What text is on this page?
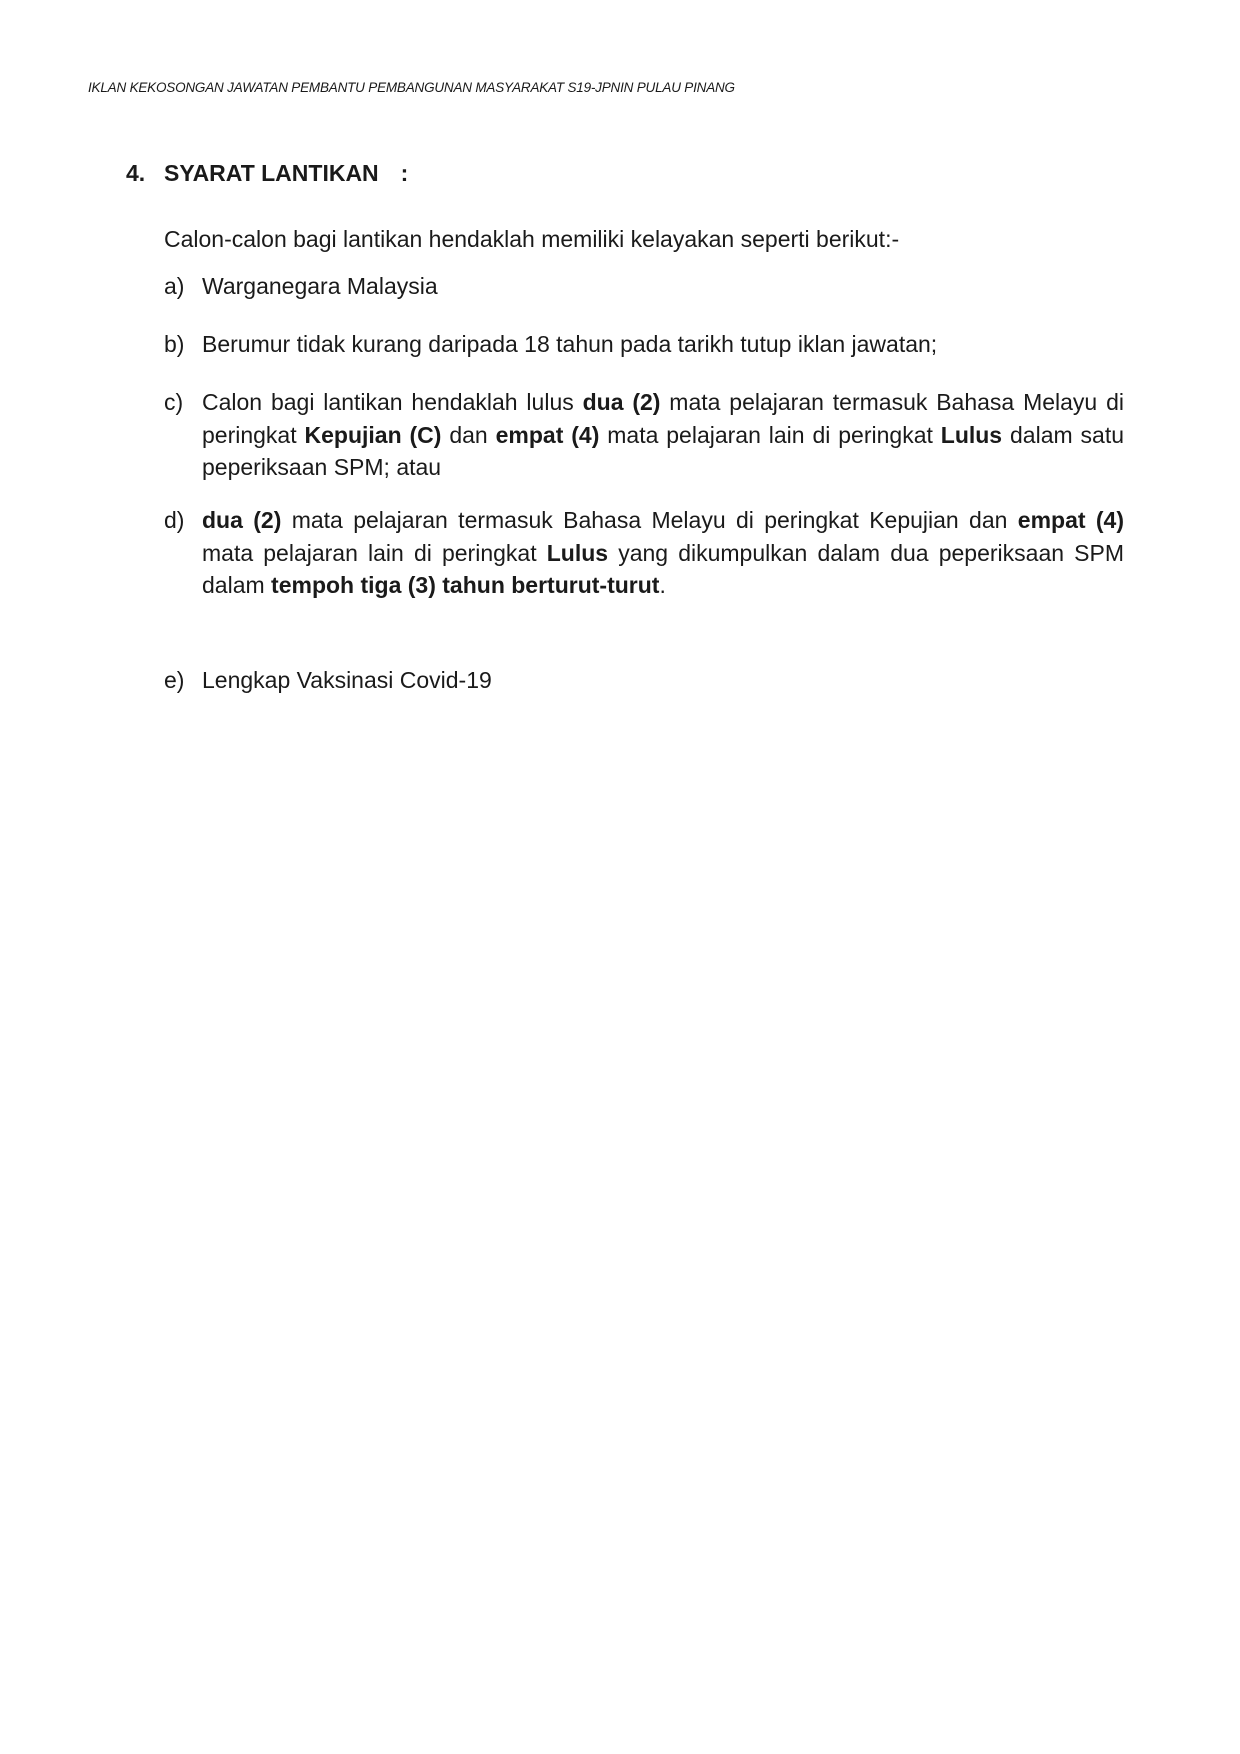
IKLAN KEKOSONGAN JAWATAN PEMBANTU PEMBANGUNAN MASYARAKAT S19-JPNIN PULAU PINANG
4. SYARAT LANTIKAN :
Calon-calon bagi lantikan hendaklah memiliki kelayakan seperti berikut:-
a) Warganegara Malaysia
b) Berumur tidak kurang daripada 18 tahun pada tarikh tutup iklan jawatan;
c) Calon bagi lantikan hendaklah lulus dua (2) mata pelajaran termasuk Bahasa Melayu di peringkat Kepujian (C) dan empat (4) mata pelajaran lain di peringkat Lulus dalam satu peperiksaan SPM; atau
d) dua (2) mata pelajaran termasuk Bahasa Melayu di peringkat Kepujian dan empat (4) mata pelajaran lain di peringkat Lulus yang dikumpulkan dalam dua peperiksaan SPM dalam tempoh tiga (3) tahun berturut-turut.
e) Lengkap Vaksinasi Covid-19
